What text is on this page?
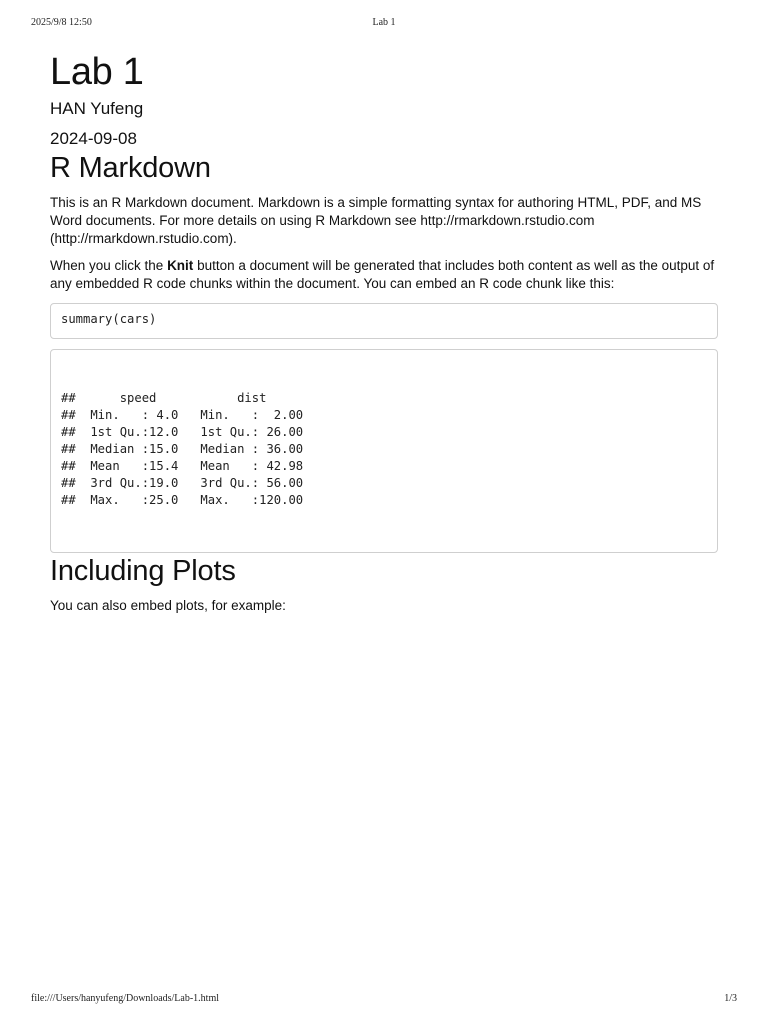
2025/9/8 12:50	Lab 1
Lab 1
HAN Yufeng
2024-09-08
R Markdown

This is an R Markdown document. Markdown is a simple formatting syntax for authoring HTML, PDF, and MS Word documents. For more details on using R Markdown see http://rmarkdown.rstudio.com (http://rmarkdown.rstudio.com).

When you click the Knit button a document will be generated that includes both content as well as the output of any embedded R code chunks within the document. You can embed an R code chunk like this:

summary(cars)

##      speed           dist
##  Min.   : 4.0   Min.   :  2.00
##  1st Qu.:12.0   1st Qu.: 26.00
##  Median :15.0   Median : 36.00
##  Mean   :15.4   Mean   : 42.98
##  3rd Qu.:19.0   3rd Qu.: 56.00
##  Max.   :25.0   Max.   :120.00

Including Plots

You can also embed plots, for example:

file:///Users/hanyufeng/Downloads/Lab-1.html	1/3
